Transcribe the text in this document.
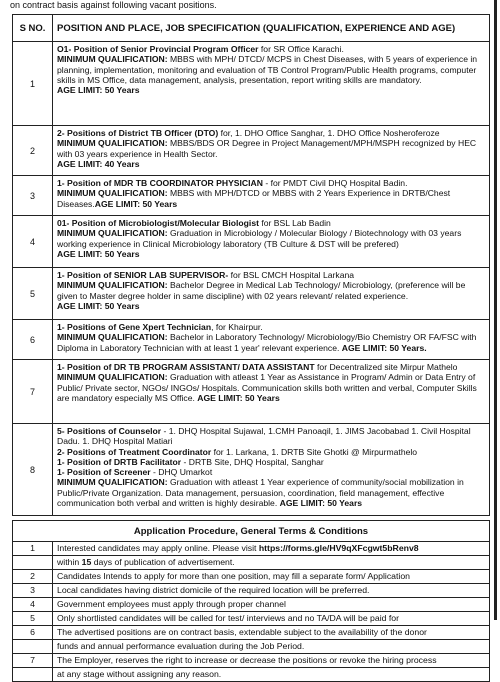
on contract basis against following vacant positions.
S NO.	POSITION AND PLACE, JOB SPECIFICATION (QUALIFICATION, EXPERIENCE AND AGE)
1	O1- Position of Senior Provincial Program Officer for SR Office Karachi.
MINIMUM QUALIFICATION: MBBS with MPH/ DTCD/ MCPS in Chest Diseases, with 5 years of experience in planning, implementation, monitoring and evaluation of TB Control Program/Public Health programs, computer skills in MS Office, data management, analysis, presentation, report writing skills are mandatory.
AGE LIMIT: 50 Years

2	2- Positions of District TB Officer (DTO) for, 1. DHO Office Sanghar, 1. DHO Office Nosheroferoze
MINIMUM QUALIFICATION: MBBS/BDS OR Degree in Project Management/MPH/MSPH recognized by HEC with 03 years experience in Health Sector.
AGE LIMIT: 40 Years

3	1- Position of MDR TB COORDINATOR PHYSICIAN - for PMDT Civil DHQ Hospital Badin.
MINIMUM QUALIFICATION: MBBS with MPH/DTCD or MBBS with 2 Years Experience in DRTB/Chest Diseases.AGE LIMIT: 50 Years

4	01- Position of Microbiologist/Molecular Biologist for BSL Lab Badin
MINIMUM QUALIFICATION: Graduation in Microbiology / Molecular Biology / Biotechnology with 03 years working experience in Clinical Microbiology laboratory (TB Culture & DST will be prefered)
AGE LIMIT: 50 Years

5	1- Position of SENIOR LAB SUPERVISOR- for BSL CMCH Hospital Larkana
MINIMUM QUALIFICATION: Bachelor Degree in Medical Lab Technology/ Microbiology, (preference will be given to Master degree holder in same discipline) with 02 years relevant/ related experience.
AGE LIMIT: 50 Years

6	1- Positions of Gene Xpert Technician, for Khairpur.
MINIMUM QUALIFICATION: Bachelor in Laboratory Technology/ Microbiology/Bio Chemistry OR FA/FSC with Diploma in Laboratory Technician with at least 1 year' relevant experience. AGE LIMIT: 50 Years.

7	1- Position of DR TB PROGRAM ASSISTANT/ DATA ASSISTANT for Decentralized site Mirpur Mathelo
MINIMUM QUALIFICATION: Graduation with atleast 1 Year as Assistance in Program/ Admin or Data Entry of Public/ Private sector, NGOs/ INGOs/ Hospitals. Communication skills both written and verbal, Computer Skills are mandatory especially MS Office. AGE LIMIT: 50 Years

8	5- Positions of Counselor - 1. DHQ Hospital Sujawal, 1.CMH Panoaqil, 1. JIMS Jacobabad 1. Civil Hospital Dadu. 1. DHQ Hospital Matiari
2- Positions of Treatment Coordinator for 1. Larkana, 1. DRTB Site Ghotki @ Mirpurmathelo
1- Position of DRTB Facilitator - DRTB Site, DHQ Hospital, Sanghar
1- Position of Screener - DHQ Umarkot
MINIMUM QUALIFICATION: Graduation with atleast 1 Year experience of community/social mobilization in Public/Private Organization. Data management, persuasion, coordination, field management, effective communication both verbal and written is highly desirable. AGE LIMIT: 50 Years
Application Procedure, General Terms & Conditions	
1	Interested candidates may apply online. Please visit https://forms.gle/HV9qXFcgwt5bRenv8
	within 15 days of publication of advertisement.
2	Candidates Intends to apply for more than one position, may fill a separate form/ Application
3	Local candidates having district domicile of the required location will be preferred.
4	Government employees must apply through proper channel
5	Only shortlisted candidates will be called for test/ interviews and no TA/DA will be paid for
6	The advertised positions are on contract basis, extendable subject to the availability of the donor
	funds and annual performance evaluation during the Job Period.
7	The Employer, reserves the right to increase or decrease the positions or revoke the hiring process
	at any stage without assigning any reason.
